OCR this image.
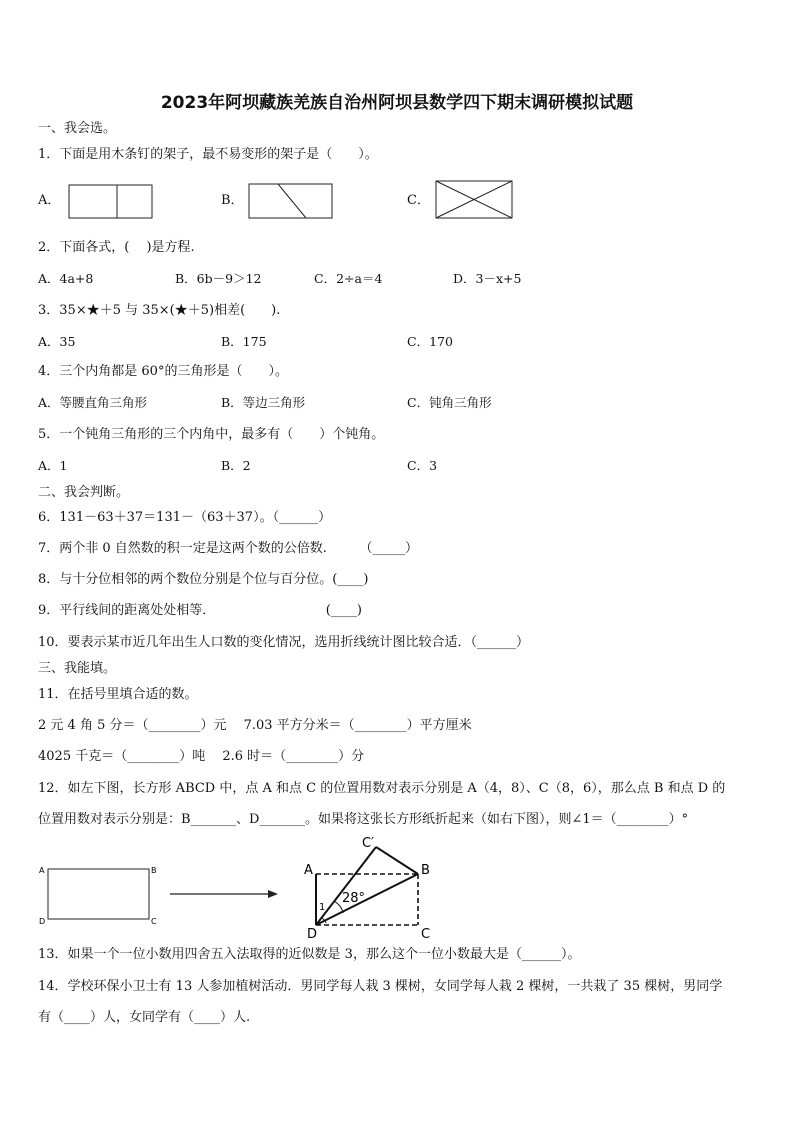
2023年阿坝藏族羌族自治州阿坝县数学四下期末调研模拟试题
一、我会选。
1．下面是用木条钉的架子，最不易变形的架子是（　　）。
A．	B．	C．
2．下面各式，(　 )是方程.
A．4a+8	B．6b－9＞12	C．2÷a＝4	D．3－x+5
3．35×★＋5 与 35×(★＋5)相差(　　).
A．35	B．175	C．170
4．三个内角都是 60°的三角形是（　　）。
A．等腰直角三角形	B．等边三角形	C．钝角三角形
5．一个钝角三角形的三个内角中，最多有（　　）个钝角。
A．1	B．2	C．3
二、我会判断。
6．131－63＋37＝131－（63＋37）。（______）
7．两个非 0 自然数的积一定是这两个数的公倍数.　　　（_____）
8．与十分位相邻的两个数位分别是个位与百分位。(____)
9．平行线间的距离处处相等．　　　　　　　　　(____)
10．要表示某市近几年出生人口数的变化情况，选用折线统计图比较合适．（______）
三、我能填。
11．在括号里填合适的数。
2 元 4 角 5 分＝（________）元　 7.03 平方分米＝（________）平方厘米
4025 千克＝（________）吨　 2.6 时＝（________）分
12．如左下图，长方形 ABCD 中，点 A 和点 C 的位置用数对表示分别是 A（4，8）、C（8，6），那么点 B 和点 D 的
位置用数对表示分别是：B_______、D_______。如果将这张长方形纸折起来（如右下图），则∠1＝（________）°
A	B
C
D
A	B
C
D
C′
28°
1
13．如果一个一位小数用四舍五入法取得的近似数是 3，那么这个一位小数最大是（______）。
14．学校环保小卫士有 13 人参加植树活动．男同学每人栽 3 棵树，女同学每人栽 2 棵树，一共栽了 35 棵树，男同学
有（____）人，女同学有（____）人.
